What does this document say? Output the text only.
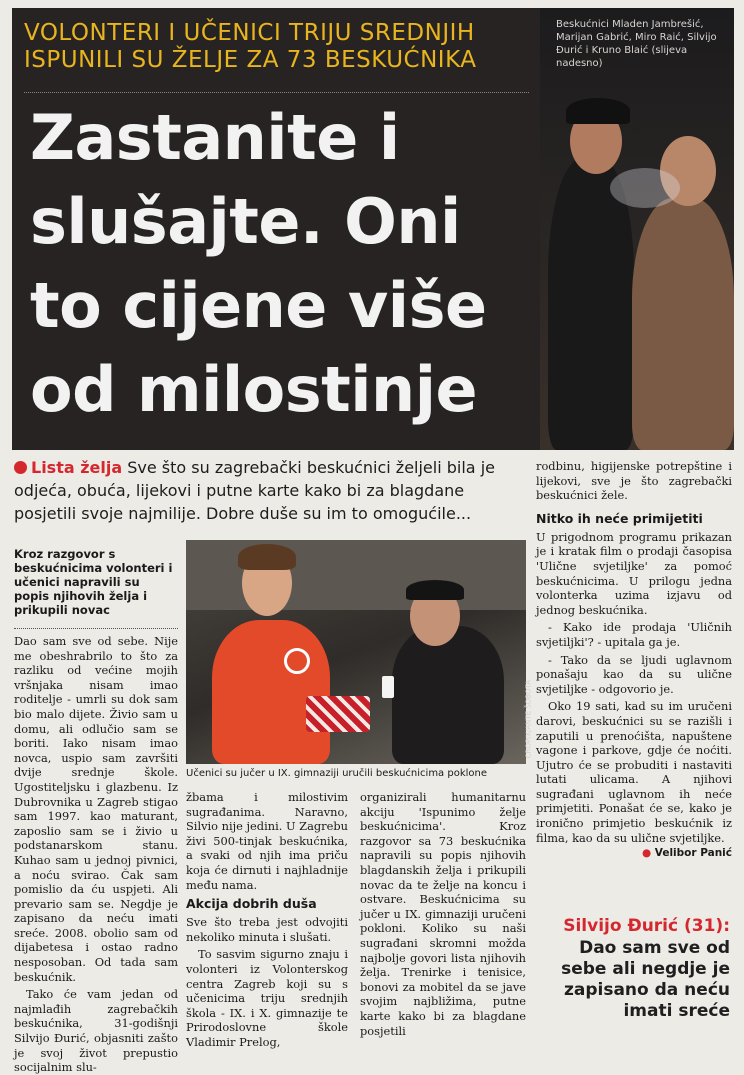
VOLONTERI I UČENICI TRIJU SREDNJIH ISPUNILI SU ŽELJE ZA 73 BESKUĆNIKA
Zastanite i slušajte. Oni to cijene više od milostinje
Beskućnici Mladen Jambrešić, Marijan Gabrić, Miro Raić, Silvijo Đurić i Kruno Blaić (slijeva nadesno)

Lista želja Sve što su zagrebački beskućnici željeli bila je odjeća, obuća, lijekovi i putne karte kako bi za blagdane posjetili svoje najmilije. Dobre duše su im to omogućile...

Kroz razgovor s beskućnicima volonteri i učenici napravili su popis njihovih želja i prikupili novac

Dao sam sve od sebe. Nije me obeshrabrilo to što za razliku od većine mojih vršnjaka nisam imao roditelje - umrli su dok sam bio malo dijete. Živio sam u domu, ali odlučio sam se boriti. Iako nisam imao novca, uspio sam završiti dvije srednje škole. Ugostiteljsku i glazbenu. Iz Dubrovnika u Zagreb stigao sam 1997. kao maturant, zaposlio sam se i živio u podstanarskom stanu. Kuhao sam u jednoj pivnici, a noću svirao. Čak sam pomislio da ću uspjeti. Ali prevario sam se. Negdje je zapisano da neću imati sreće. 2008. obolio sam od dijabetesa i ostao radno nesposoban. Od tada sam beskućnik.

Tako će vam jedan od najmlađih zagrebačkih beskućnika, 31-godišnji Silvijo Đurić, objasniti zašto je svoj život prepustio socijalnim slu-

CROPIX/ANTE ŠOBOTA
Učenici su jučer u IX. gimnaziji uručili beskućnicima poklone

žbama i milostivim sugrađanima. Naravno, Silvio nije jedini. U Zagrebu živi 500-tinjak beskućnika, a svaki od njih ima priču koja će dirnuti i najhladnije među nama.

Akcija dobrih duša

Sve što treba jest odvojiti nekoliko minuta i slušati.

To sasvim sigurno znaju i volonteri iz Volonterskog centra Zagreb koji su s učenicima triju srednjih škola - IX. i X. gimnazije te Prirodoslovne škole Vladimir Prelog,

organizirali humanitarnu akciju 'Ispunimo želje beskućnicima'. Kroz razgovor sa 73 beskućnika napravili su popis njihovih blagdanskih želja i prikupili novac da te želje na koncu i ostvare. Beskućnicima su jučer u IX. gimnaziji uručeni pokloni. Koliko su naši sugrađani skromni možda najbolje govori lista njihovih želja. Trenirke i tenisice, bonovi za mobitel da se jave svojim najbližima, putne karte kako bi za blagdane posjetili

rodbinu, higijenske potrepštine i lijekovi, sve je što zagrebački beskućnici žele.

Nitko ih neće primijetiti

U prigodnom programu prikazan je i kratak film o prodaji časopisa 'Ulične svjetiljke' za pomoć beskućnicima. U prilogu jedna volonterka uzima izjavu od jednog beskućnika.

- Kako ide prodaja 'Uličnih svjetiljki'? - upitala ga je.

- Tako da se ljudi uglavnom ponašaju kao da su ulične svjetiljke - odgovorio je.

Oko 19 sati, kad su im uručeni darovi, beskućnici su se razišli i zaputili u prenoćišta, napuštene vagone i parkove, gdje će noćiti. Ujutro će se probuditi i nastaviti lutati ulicama. A njihovi sugrađani uglavnom ih neće primjetiti. Ponašat će se, kako je ironično primjetio beskućnik iz filma, kao da su ulične svjetiljke.

● Velibor Panić

Silvijo Đurić (31):
Dao sam sve od sebe ali negdje je zapisano da neću imati sreće
